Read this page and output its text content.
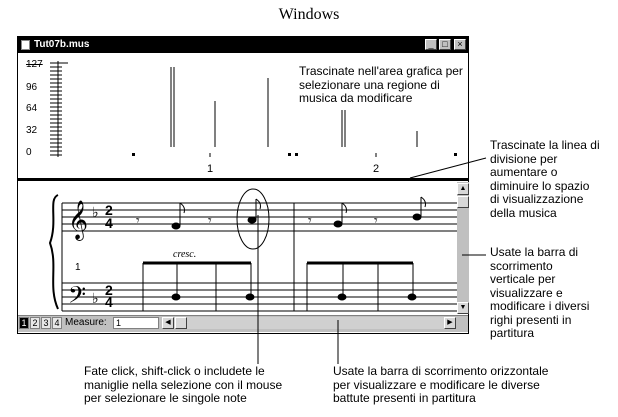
Windows
Tut07b.mus	_ □	×
127
96
64
32
0
1	2
Trascinate nell'area grafica per
selezionare una regione di
musica da modificare
𝄞 ♭
𝄢 ♭
𝄾	𝄾	𝄾	𝄾
2
4
2
4
cresc.
1
▲
▼
1 2 3 4 Measure:	1	◀	▶
Trascinate la linea di
divisione per
aumentare o
diminuire lo spazio
di visualizzazione
della musica
Usate la barra di
scorrimento
verticale per
visualizzare e
modificare i diversi
righi presenti in
partitura
Fate click, shift-click o includete le
maniglie nella selezione con il mouse
per selezionare le singole note
Usate la barra di scorrimento orizzontale
per visualizzare e modificare le diverse
battute presenti in partitura
